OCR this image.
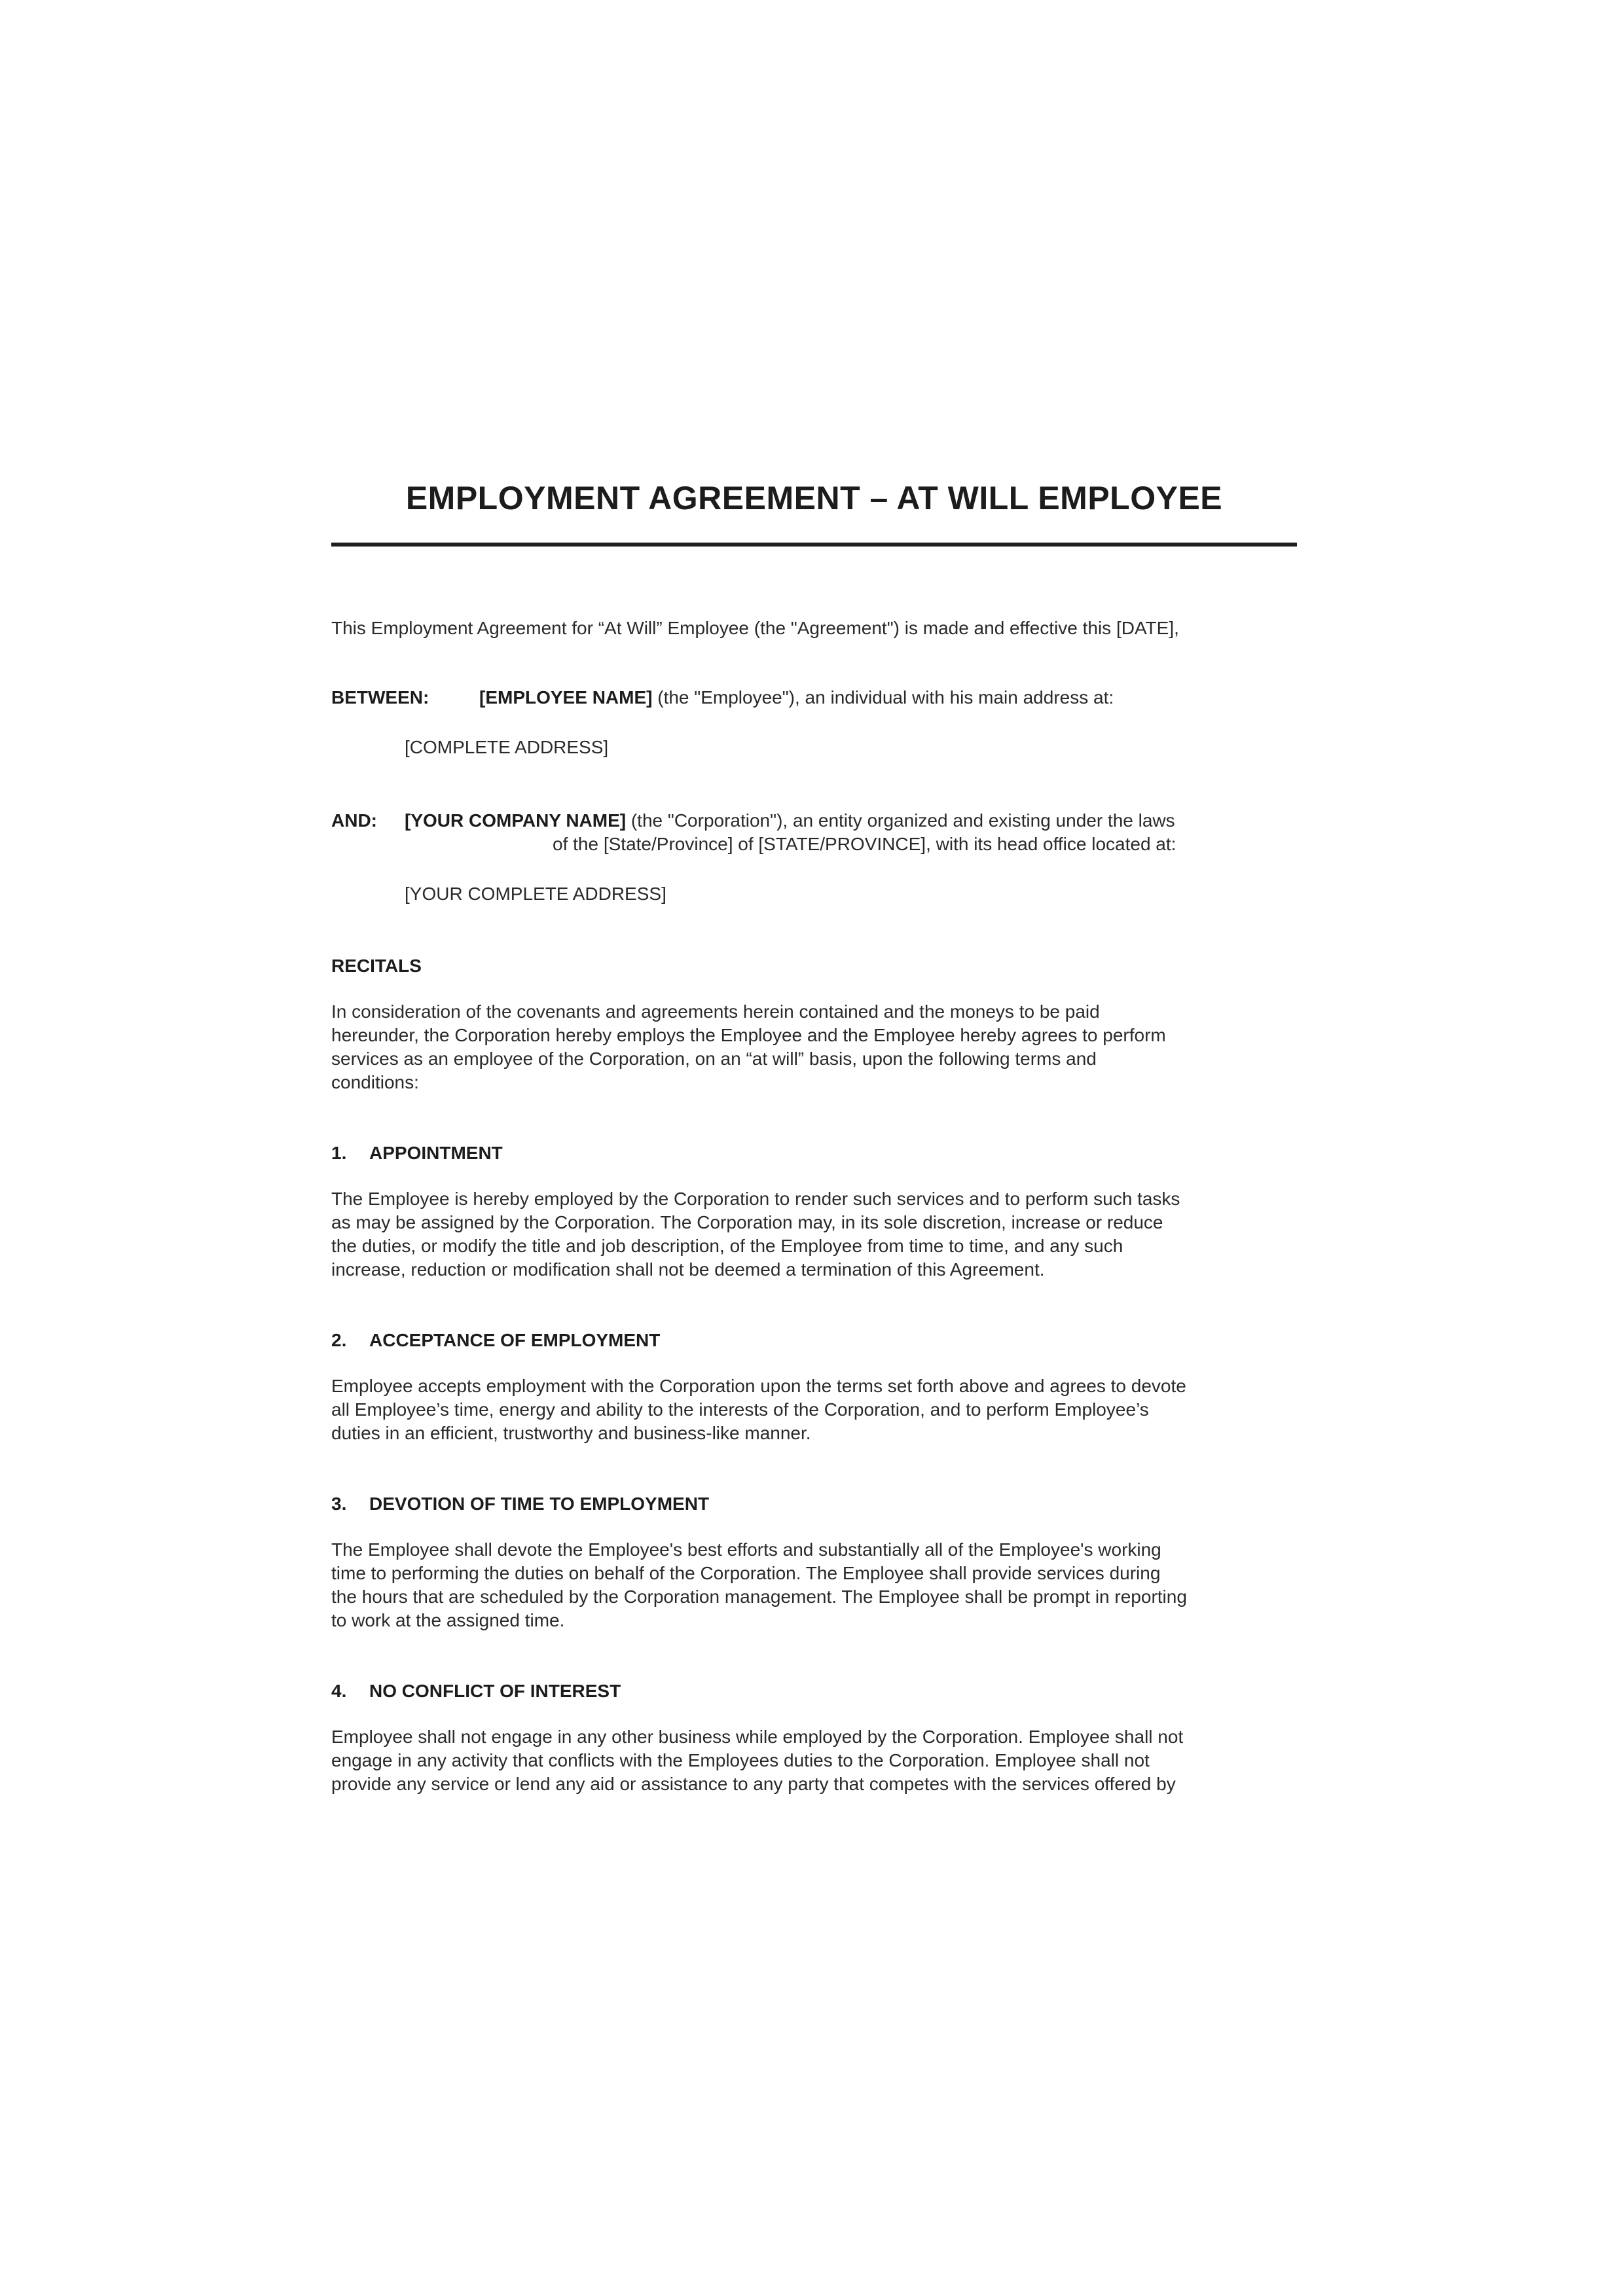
EMPLOYMENT AGREEMENT – AT WILL EMPLOYEE
This Employment Agreement for “At Will” Employee (the "Agreement") is made and effective this [DATE],
BETWEEN:	[EMPLOYEE NAME] (the "Employee"), an individual with his main address at:
[COMPLETE ADDRESS]
AND: [YOUR COMPANY NAME] (the "Corporation"), an entity organized and existing under the laws
of the [State/Province] of [STATE/PROVINCE], with its head office located at:
[YOUR COMPLETE ADDRESS]
RECITALS
In consideration of the covenants and agreements herein contained and the moneys to be paid
hereunder, the Corporation hereby employs the Employee and the Employee hereby agrees to perform
services as an employee of the Corporation, on an “at will” basis, upon the following terms and
conditions:
1. APPOINTMENT
The Employee is hereby employed by the Corporation to render such services and to perform such tasks
as may be assigned by the Corporation. The Corporation may, in its sole discretion, increase or reduce
the duties, or modify the title and job description, of the Employee from time to time, and any such
increase, reduction or modification shall not be deemed a termination of this Agreement.
2. ACCEPTANCE OF EMPLOYMENT
Employee accepts employment with the Corporation upon the terms set forth above and agrees to devote
all Employee’s time, energy and ability to the interests of the Corporation, and to perform Employee’s
duties in an efficient, trustworthy and business-like manner.
3. DEVOTION OF TIME TO EMPLOYMENT
The Employee shall devote the Employee's best efforts and substantially all of the Employee's working
time to performing the duties on behalf of the Corporation. The Employee shall provide services during
the hours that are scheduled by the Corporation management. The Employee shall be prompt in reporting
to work at the assigned time.
4. NO CONFLICT OF INTEREST
Employee shall not engage in any other business while employed by the Corporation. Employee shall not
engage in any activity that conflicts with the Employees duties to the Corporation. Employee shall not
provide any service or lend any aid or assistance to any party that competes with the services offered by
